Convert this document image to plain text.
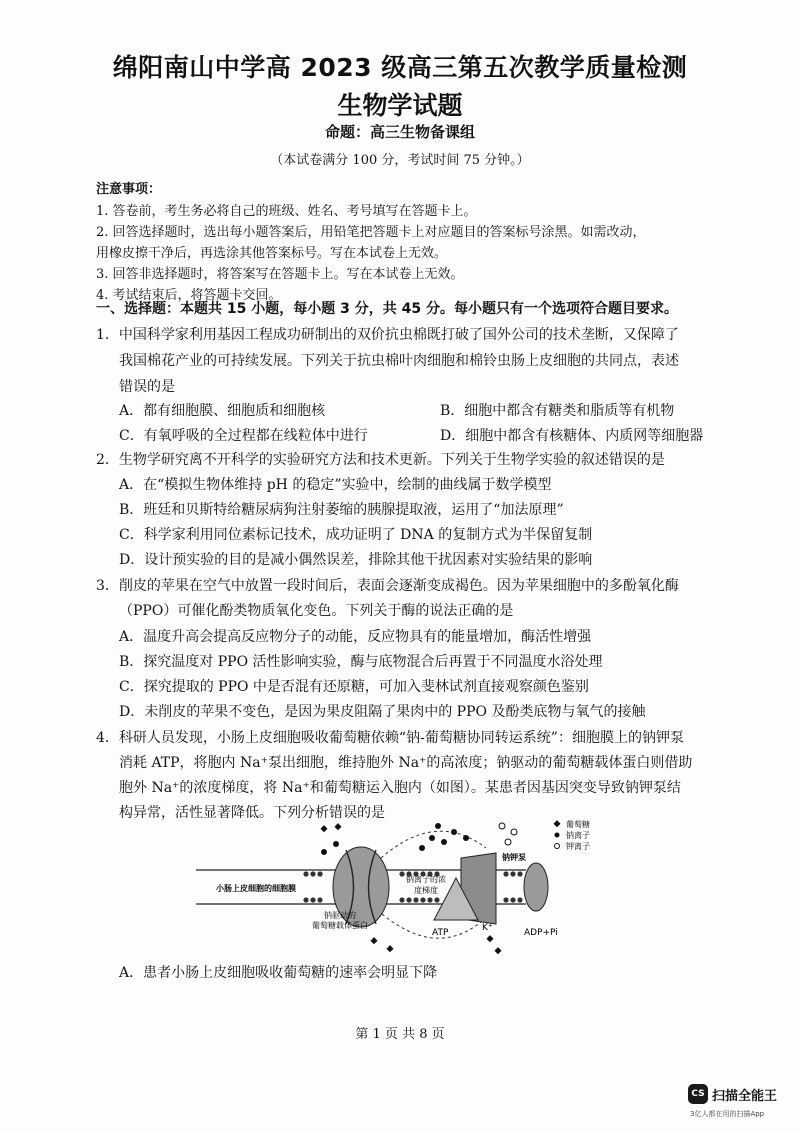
绵阳南山中学高 2023 级高三第五次教学质量检测
生物学试题
命题：高三生物备课组
（本试卷满分 100 分，考试时间 75 分钟。）
注意事项：
1. 答卷前，考生务必将自己的班级、姓名、考号填写在答题卡上。
2. 回答选择题时，选出每小题答案后，用铅笔把答题卡上对应题目的答案标号涂黑。如需改动，
用橡皮擦干净后，再选涂其他答案标号。写在本试卷上无效。
3. 回答非选择题时，将答案写在答题卡上。写在本试卷上无效。
4. 考试结束后，将答题卡交回。
一、选择题：本题共 15 小题，每小题 3 分，共 45 分。每小题只有一个选项符合题目要求。
1．中国科学家利用基因工程成功研制出的双价抗虫棉既打破了国外公司的技术垄断，又保障了
我国棉花产业的可持续发展。下列关于抗虫棉叶肉细胞和棉铃虫肠上皮细胞的共同点，表述
错误的是
A．都有细胞膜、细胞质和细胞核	B．细胞中都含有糖类和脂质等有机物
C．有氧呼吸的全过程都在线粒体中进行	D．细胞中都含有核糖体、内质网等细胞器
2．生物学研究离不开科学的实验研究方法和技术更新。下列关于生物学实验的叙述错误的是
A．在“模拟生物体维持 pH 的稳定”实验中，绘制的曲线属于数学模型
B．班廷和贝斯特给糖尿病狗注射萎缩的胰腺提取液，运用了“加法原理”
C．科学家利用同位素标记技术，成功证明了 DNA 的复制方式为半保留复制
D．设计预实验的目的是减小偶然误差，排除其他干扰因素对实验结果的影响
3．削皮的苹果在空气中放置一段时间后，表面会逐渐变成褐色。因为苹果细胞中的多酚氧化酶
（PPO）可催化酚类物质氧化变色。下列关于酶的说法正确的是
A．温度升高会提高反应物分子的动能，反应物具有的能量增加，酶活性增强
B．探究温度对 PPO 活性影响实验，酶与底物混合后再置于不同温度水浴处理
C．探究提取的 PPO 中是否混有还原糖，可加入斐林试剂直接观察颜色鉴别
D．未削皮的苹果不变色，是因为果皮阻隔了果肉中的 PPO 及酚类底物与氧气的接触
4．科研人员发现，小肠上皮细胞吸收葡萄糖依赖“钠-葡萄糖协同转运系统”：细胞膜上的钠钾泵
消耗 ATP，将胞内 Na⁺泵出细胞，维持胞外 Na⁺的高浓度；钠驱动的葡萄糖载体蛋白则借助
胞外 Na⁺的浓度梯度，将 Na⁺和葡萄糖运入胞内（如图）。某患者因基因突变导致钠钾泵结
构异常，活性显著降低。下列分析错误的是
葡萄糖
钠离子
钾离子
小肠上皮细胞的细胞膜
钠驱动的
葡萄糖载体蛋白
钠离子的浓
度梯度
钠钾泵
ATP	ADP+Pi
K⁺
A．患者小肠上皮细胞吸收葡萄糖的速率会明显下降
第 1 页 共 8 页
CS 扫描全能王
3亿人都在用的扫描App
